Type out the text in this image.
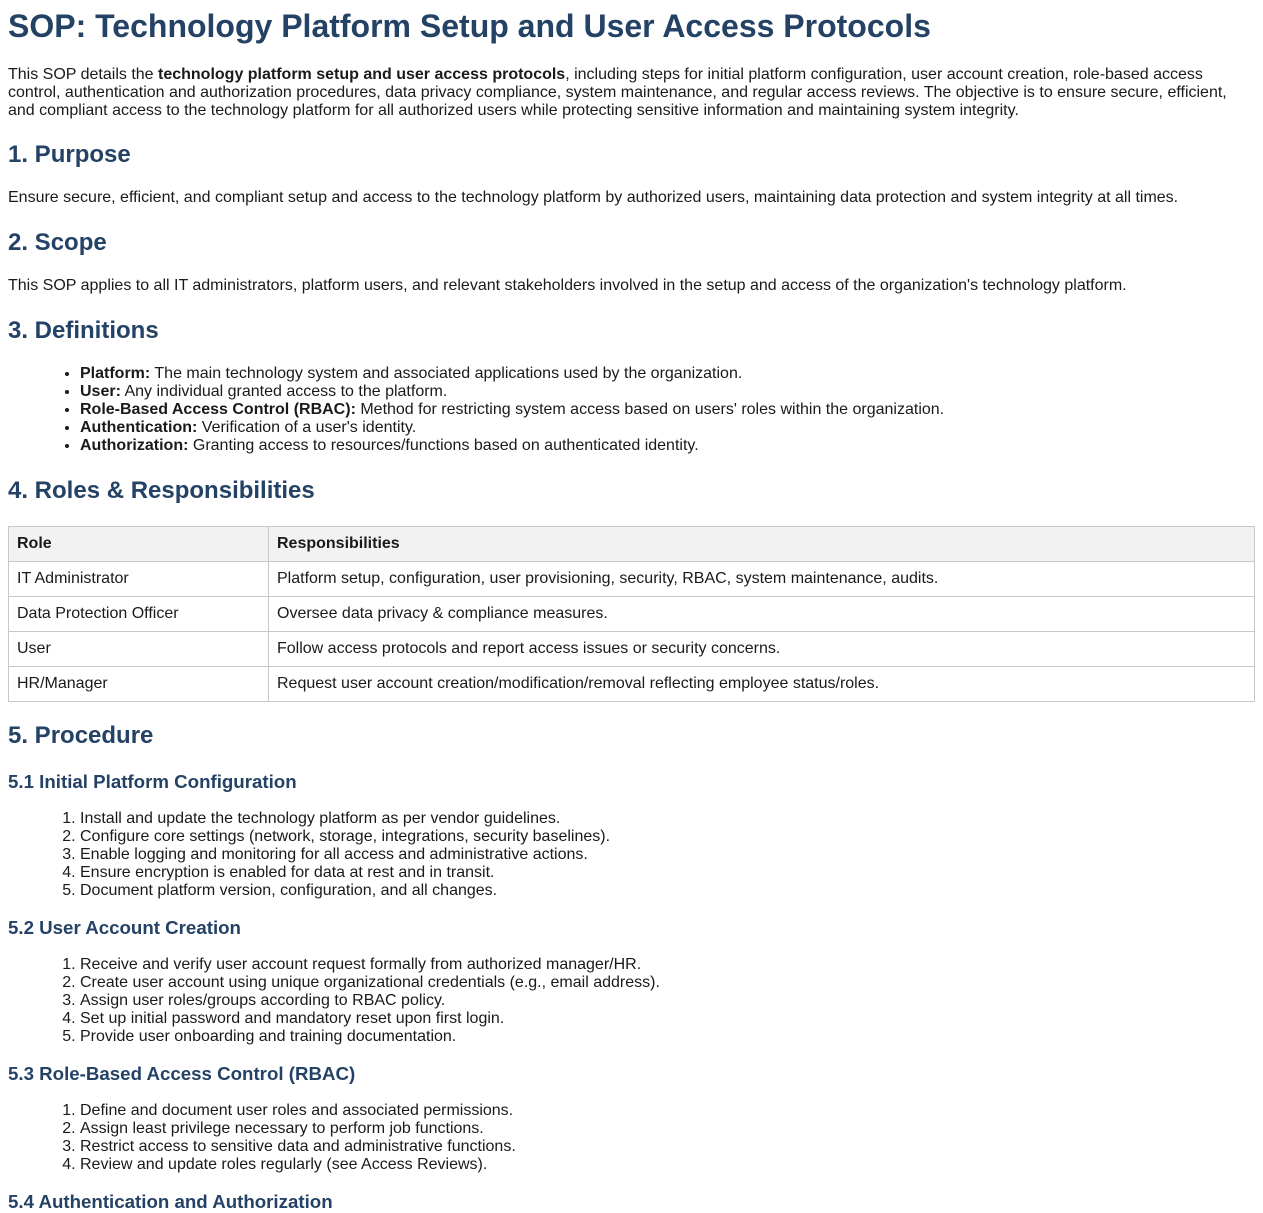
SOP: Technology Platform Setup and User Access Protocols

This SOP details the technology platform setup and user access protocols, including steps for initial platform configuration, user account creation, role-based access control, authentication and authorization procedures, data privacy compliance, system maintenance, and regular access reviews. The objective is to ensure secure, efficient, and compliant access to the technology platform for all authorized users while protecting sensitive information and maintaining system integrity.

1. Purpose

Ensure secure, efficient, and compliant setup and access to the technology platform by authorized users, maintaining data protection and system integrity at all times.

2. Scope

This SOP applies to all IT administrators, platform users, and relevant stakeholders involved in the setup and access of the organization's technology platform.

3. Definitions
• Platform: The main technology system and associated applications used by the organization.
• User: Any individual granted access to the platform.
• Role-Based Access Control (RBAC): Method for restricting system access based on users' roles within the organization.
• Authentication: Verification of a user's identity.
• Authorization: Granting access to resources/functions based on authenticated identity.
4. Roles & Responsibilities
Role	Responsibilities
IT Administrator	Platform setup, configuration, user provisioning, security, RBAC, system maintenance, audits.
Data Protection Officer	Oversee data privacy & compliance measures.
User	Follow access protocols and report access issues or security concerns.
HR/Manager	Request user account creation/modification/removal reflecting employee status/roles.
5. Procedure
5.1 Initial Platform Configuration
1. Install and update the technology platform as per vendor guidelines.
2. Configure core settings (network, storage, integrations, security baselines).
3. Enable logging and monitoring for all access and administrative actions.
4. Ensure encryption is enabled for data at rest and in transit.
5. Document platform version, configuration, and all changes.
5.2 User Account Creation
1. Receive and verify user account request formally from authorized manager/HR.
2. Create user account using unique organizational credentials (e.g., email address).
3. Assign user roles/groups according to RBAC policy.
4. Set up initial password and mandatory reset upon first login.
5. Provide user onboarding and training documentation.
5.3 Role-Based Access Control (RBAC)
1. Define and document user roles and associated permissions.
2. Assign least privilege necessary to perform job functions.
3. Restrict access to sensitive data and administrative functions.
4. Review and update roles regularly (see Access Reviews).
5.4 Authentication and Authorization
